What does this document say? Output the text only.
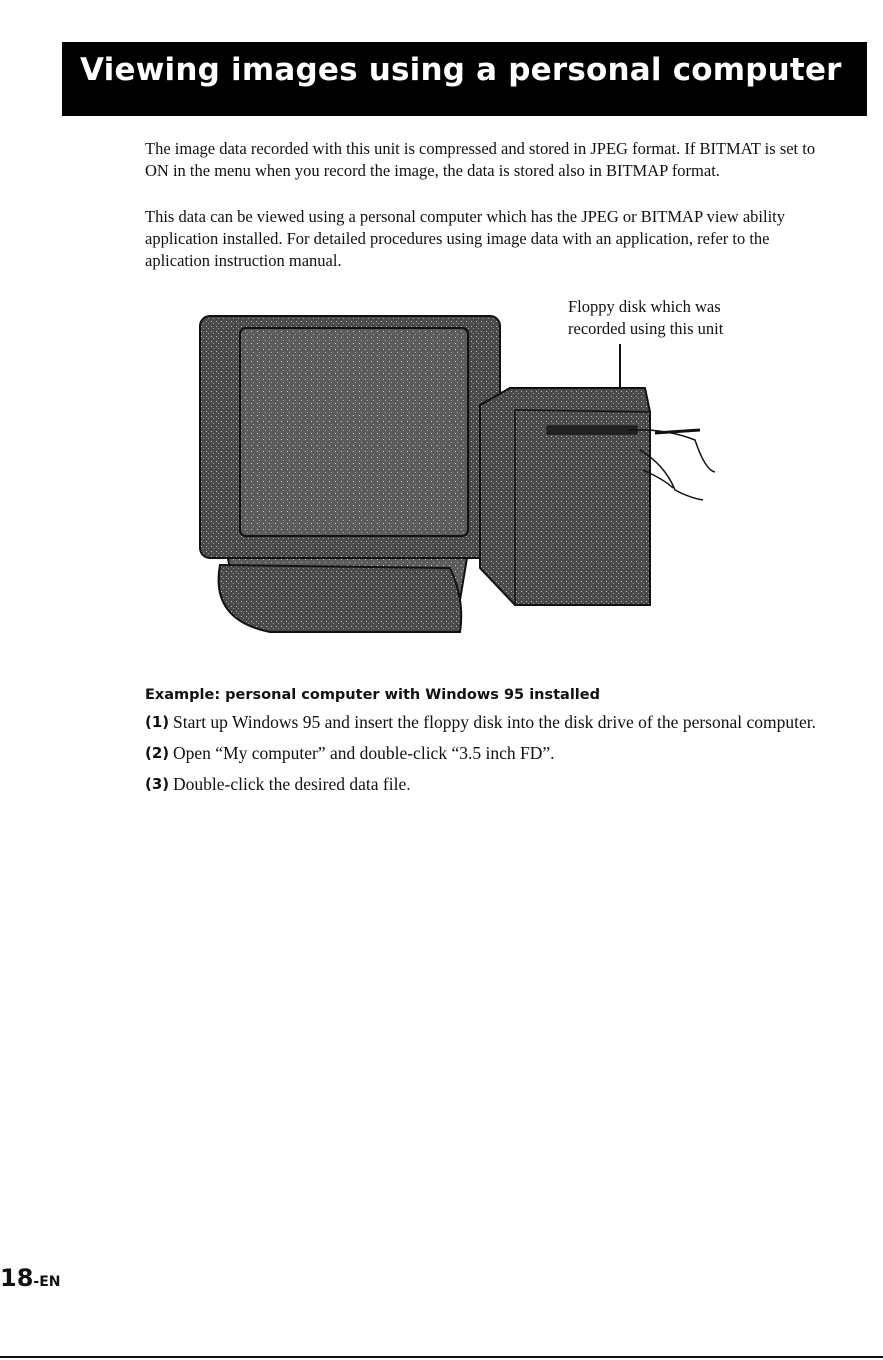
Viewing images using a personal computer
The image data recorded with this unit is compressed and stored in JPEG format. If BITMAT is set to ON in the menu when you record the image, the data is stored also in BITMAP format.
This data can be viewed using a personal computer which has the JPEG or BITMAP view ability application installed. For detailed procedures using image data with an application, refer to the aplication instruction manual.
Floppy disk which was
recorded using this unit
Example: personal computer with Windows 95 installed
(1) Start up Windows 95 and insert the floppy disk into the disk drive of the personal computer.
(2) Open “My computer” and double-click “3.5 inch FD”.
(3) Double-click the desired data file.
18-EN
